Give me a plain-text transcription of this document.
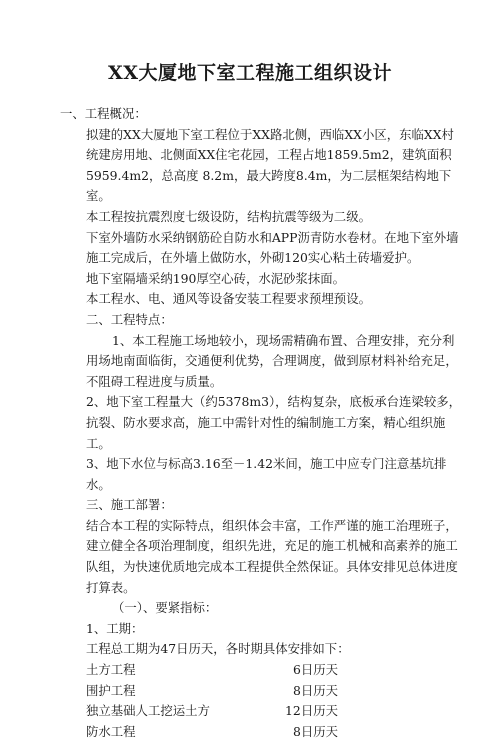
XX大厦地下室工程施工组织设计

一、工程概况：

拟建的XX大厦地下室工程位于XX路北侧，西临XX小区，东临XX村统建房用地、北侧面XX住宅花园，工程占地1859.5m2，建筑面积 5959.4m2，总高度 8.2m，最大跨度8.4m，为二层框架结构地下室。

本工程按抗震烈度七级设防，结构抗震等级为二级。

下室外墙防水采纳钢筋砼自防水和APP沥青防水卷材。在地下室外墙施工完成后，在外墙上做防水，外砌120实心粘土砖墙爱护。

地下室隔墙采纳190厚空心砖，水泥砂浆抹面。

本工程水、电、通风等设备安装工程要求预埋预设。

二、工程特点：

1、本工程施工场地较小，现场需精确布置、合理安排，充分利用场地南面临街，交通便利优势，合理调度，做到原材料补给充足，不阻碍工程进度与质量。

2、地下室工程量大（约5378m3），结构复杂，底板承台连梁较多，抗裂、防水要求高，施工中需针对性的编制施工方案，精心组织施工。

3、地下水位与标高3.16至－1.42米间，施工中应专门注意基坑排水。

三、施工部署：

结合本工程的实际特点，组织体会丰富，工作严谨的施工治理班子，建立健全各项治理制度，组织先进，充足的施工机械和高素养的施工队组，为快速优质地完成本工程提供全然保证。具体安排见总体进度打算表。

（一）、要紧指标：

1、工期：

工程总工期为47日历天，各时期具体安排如下：

土方工程	6日历天
围护工程	8日历天
独立基础人工挖运土方	12日历天
防水工程	8日历天
